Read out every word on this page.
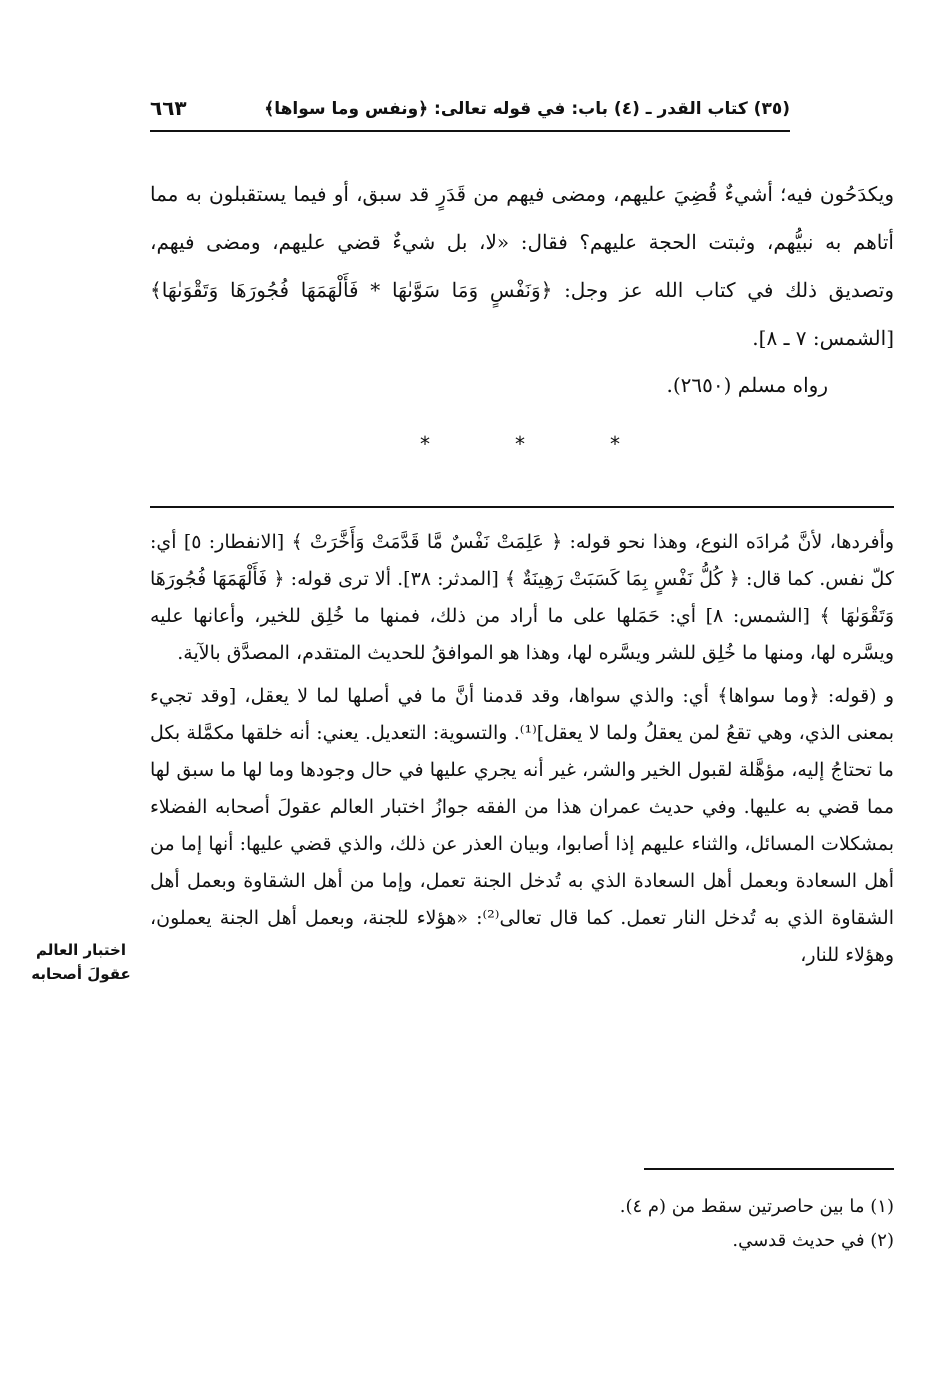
(٣٥) كتاب القدر ـ (٤) باب: في قوله تعالى: ﴿ونفس وما سواها﴾
٦٦٣

ويكدَحُون فيه؛ أشيءٌ قُضِيَ عليهم، ومضى فيهم من قَدَرٍ قد سبق، أو فيما يستقبلون به مما أتاهم به نبيُّهم، وثبتت الحجة عليهم؟ فقال: «لا، بل شيءٌ قضي عليهم، ومضى فيهم، وتصديق ذلك في كتاب الله عز وجل: ﴿وَنَفْسٍ وَمَا سَوَّىٰهَا * فَأَلْهَمَهَا فُجُورَهَا وَتَقْوَىٰهَا﴾ [الشمس: ٧ ـ ٨].

رواه مسلم (٢٦٥٠).
*	*	*

وأفردها، لأنَّ مُرادَه النوع، وهذا نحو قوله: ﴿ عَلِمَتْ نَفْسٌ مَّا قَدَّمَتْ وَأَخَّرَتْ ﴾ [الانفطار: ٥] أي: كلّ نفس. كما قال: ﴿ كُلُّ نَفْسٍ بِمَا كَسَبَتْ رَهِينَةٌ ﴾ [المدثر: ٣٨]. ألا ترى قوله: ﴿ فَأَلْهَمَهَا فُجُورَهَا وَتَقْوَىٰهَا ﴾ [الشمس: ٨] أي: حَمَلها على ما أراد من ذلك، فمنها ما خُلِق للخير، وأعانها عليه ويسَّره لها، ومنها ما خُلِق للشر ويسَّره لها، وهذا هو الموافقُ للحديث المتقدم، المصدَّق بالآية.

و (قوله: ﴿وما سواها﴾ أي: والذي سواها، وقد قدمنا أنَّ ما في أصلها لما لا يعقل، [وقد تجيء بمعنى الذي، وهي تقعُ لمن يعقلُ ولما لا يعقل]⁽¹⁾. والتسوية: التعديل. يعني: أنه خلقها مكمَّلة بكل ما تحتاجُ إليه، مؤهَّلة لقبول الخير والشر، غير أنه يجري عليها في حال وجودها وما لها ما سبق لها مما قضي به عليها. وفي حديث عمران هذا من الفقه جوازُ اختبار العالم عقولَ أصحابه الفضلاء بمشكلات المسائل، والثناء عليهم إذا أصابوا، وبيان العذر عن ذلك، والذي قضي عليها: أنها إما من أهل السعادة وبعمل أهل السعادة الذي به تُدخل الجنة تعمل، وإما من أهل الشقاوة وبعمل أهل الشقاوة الذي به تُدخل النار تعمل. كما قال تعالى⁽²⁾: «هؤلاء للجنة، وبعمل أهل الجنة يعملون، وهؤلاء للنار،

اختبار العالم
عقولَ أصحابه
(١) ما بين حاصرتين سقط من (م ٤).
(٢) في حديث قدسي.
